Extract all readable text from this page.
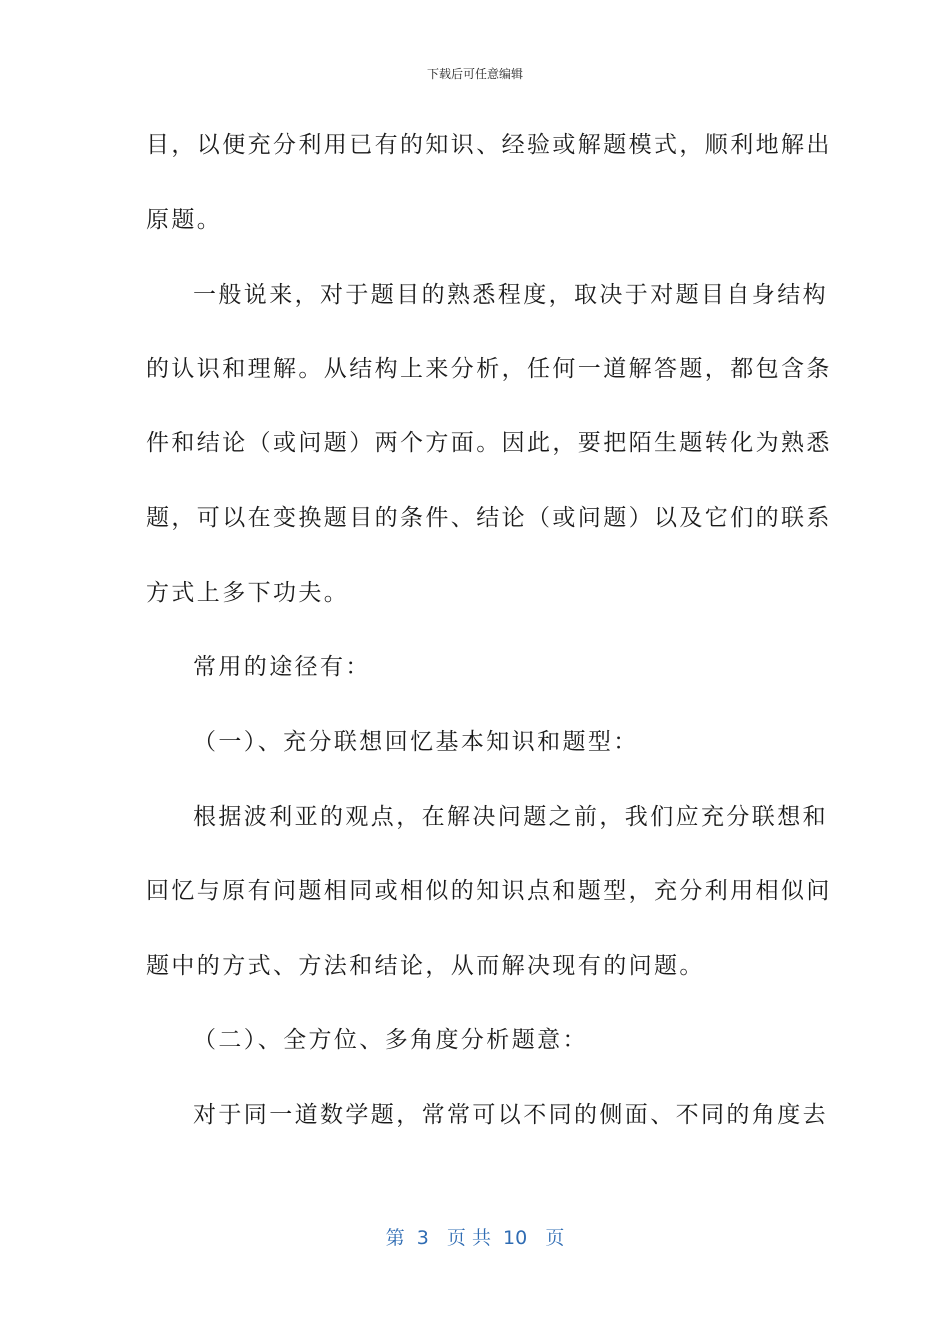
下载后可任意编辑
目，以便充分利用已有的知识、经验或解题模式，顺利地解出
原题。
一般说来，对于题目的熟悉程度，取决于对题目自身结构
的认识和理解。从结构上来分析，任何一道解答题，都包含条
件和结论（或问题）两个方面。因此，要把陌生题转化为熟悉
题，可以在变换题目的条件、结论（或问题）以及它们的联系
方式上多下功夫。
常用的途径有：
（一）、充分联想回忆基本知识和题型：
根据波利亚的观点，在解决问题之前，我们应充分联想和
回忆与原有问题相同或相似的知识点和题型，充分利用相似问
题中的方式、方法和结论，从而解决现有的问题。
（二）、全方位、多角度分析题意：
对于同一道数学题，常常可以不同的侧面、不同的角度去
第  3   页 共  10   页
